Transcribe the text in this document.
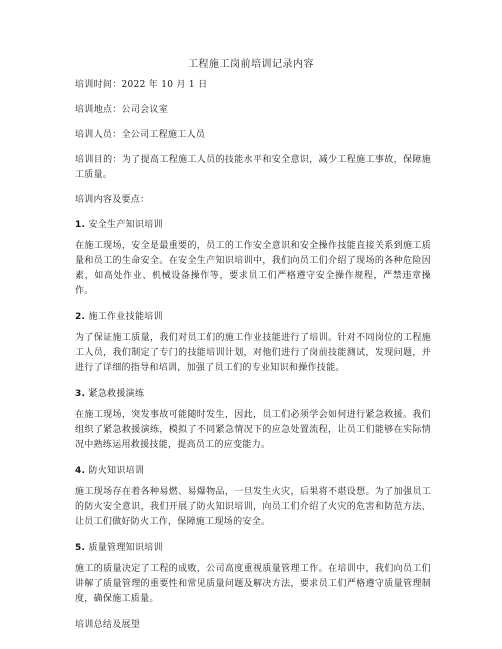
工程施工岗前培训记录内容

培训时间：2022 年 10 月 1 日

培训地点：公司会议室

培训人员：全公司工程施工人员

培训目的：为了提高工程施工人员的技能水平和安全意识，减少工程施工事故，保障施工质量。

培训内容及要点：

1. 安全生产知识培训

在施工现场，安全是最重要的，员工的工作安全意识和安全操作技能直接关系到施工质量和员工的生命安全。在安全生产知识培训中，我们向员工们介绍了现场的各种危险因素，如高处作业、机械设备操作等，要求员工们严格遵守安全操作规程，严禁违章操作。

2. 施工作业技能培训

为了保证施工质量，我们对员工们的施工作业技能进行了培训。针对不同岗位的工程施工人员，我们制定了专门的技能培训计划，对他们进行了岗前技能测试，发现问题，并进行了详细的指导和培训，加强了员工们的专业知识和操作技能。

3. 紧急救援演练

在施工现场，突发事故可能随时发生，因此，员工们必须学会如何进行紧急救援。我们组织了紧急救援演练，模拟了不同紧急情况下的应急处置流程，让员工们能够在实际情况中熟练运用救援技能，提高员工的应变能力。

4. 防火知识培训

施工现场存在着各种易燃、易爆物品，一旦发生火灾，后果将不堪设想。为了加强员工的防火安全意识，我们开展了防火知识培训，向员工们介绍了火灾的危害和防范方法，让员工们做好防火工作，保障施工现场的安全。

5. 质量管理知识培训

施工的质量决定了工程的成败，公司高度重视质量管理工作。在培训中，我们向员工们讲解了质量管理的重要性和常见质量问题及解决方法，要求员工们严格遵守质量管理制度，确保施工质量。

培训总结及展望
